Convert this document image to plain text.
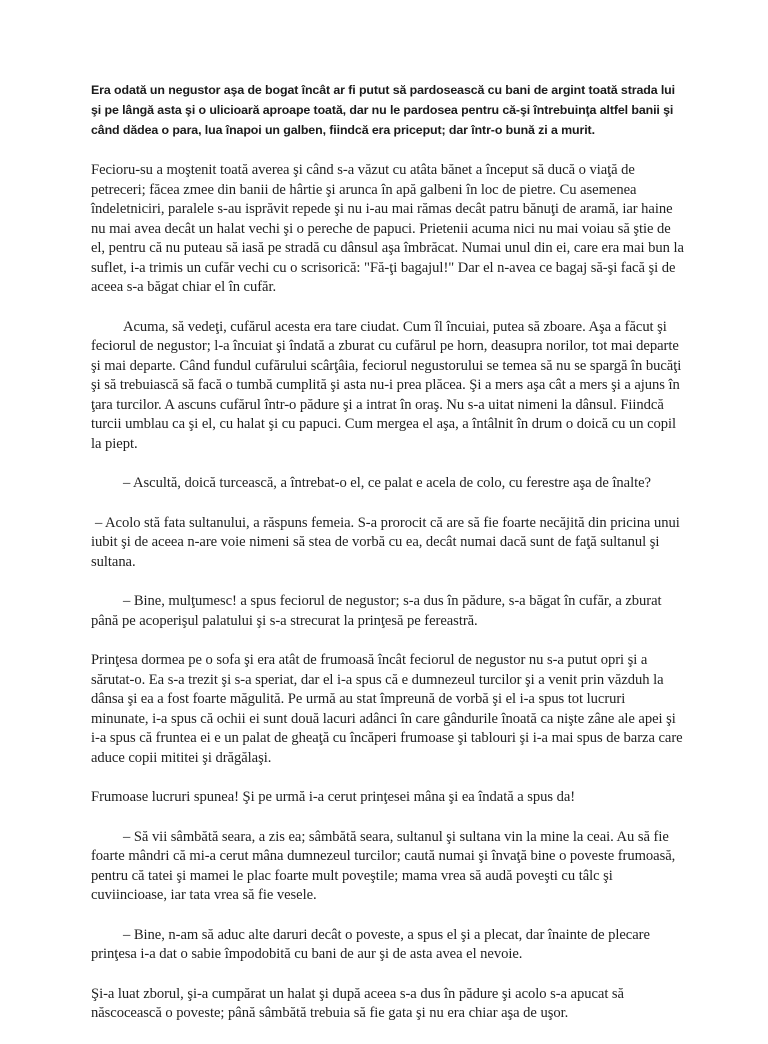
Era odată un negustor aşa de bogat încât ar fi putut să pardosească cu bani de argint toată strada lui şi pe lângă asta şi o ulicioară aproape toată, dar nu le pardosea pentru că-şi întrebuinţa altfel banii şi când dădea o para, lua înapoi un galben, fiindcă era priceput; dar într-o bună zi a murit.

Fecioru-su a moştenit toată averea şi când s-a văzut cu atâta bănet a început să ducă o viaţă de petreceri; făcea zmee din banii de hârtie şi arunca în apă galbeni în loc de pietre. Cu asemenea îndeletniciri, paralele s-au isprăvit repede şi nu i-au mai rămas decât patru bănuţi de aramă, iar haine nu mai avea decât un halat vechi şi o pereche de papuci. Prietenii acuma nici nu mai voiau să ştie de el, pentru că nu puteau să iasă pe stradă cu dânsul aşa îmbrăcat. Numai unul din ei, care era mai bun la suflet, i-a trimis un cufăr vechi cu o scrisorică: "Fă-ţi bagajul!" Dar el n-avea ce bagaj să-şi facă şi de aceea s-a băgat chiar el în cufăr.

Acuma, să vedeţi, cufărul acesta era tare ciudat. Cum îl încuiai, putea să zboare. Aşa a făcut şi feciorul de negustor; l-a încuiat şi îndată a zburat cu cufărul pe horn, deasupra norilor, tot mai departe şi mai departe. Când fundul cufărului scârţâia, feciorul negustorului se temea să nu se spargă în bucăţi şi să trebuiască să facă o tumbă cumplită şi asta nu-i prea plăcea. Şi a mers aşa cât a mers şi a ajuns în ţara turcilor. A ascuns cufărul într-o pădure şi a intrat în oraş. Nu s-a uitat nimeni la dânsul. Fiindcă turcii umblau ca şi el, cu halat şi cu papuci. Cum mergea el aşa, a întâlnit în drum o doică cu un copil la piept.

– Ascultă, doică turcească, a întrebat-o el, ce palat e acela de colo, cu ferestre aşa de înalte?

– Acolo stă fata sultanului, a răspuns femeia. S-a prorocit că are să fie foarte necăjită din pricina unui iubit şi de aceea n-are voie nimeni să stea de vorbă cu ea, decât numai dacă sunt de faţă sultanul şi sultana.

– Bine, mulţumesc! a spus feciorul de negustor; s-a dus în pădure, s-a băgat în cufăr, a zburat până pe acoperişul palatului şi s-a strecurat la prinţesă pe fereastră.

Prinţesa dormea pe o sofa şi era atât de frumoasă încât feciorul de negustor nu s-a putut opri şi a sărutat-o. Ea s-a trezit şi s-a speriat, dar el i-a spus că e dumnezeul turcilor şi a venit prin văzduh la dânsa şi ea a fost foarte măgulită. Pe urmă au stat împreună de vorbă şi el i-a spus tot lucruri minunate, i-a spus că ochii ei sunt două lacuri adânci în care gândurile înoată ca nişte zâne ale apei şi i-a spus că fruntea ei e un palat de gheaţă cu încăperi frumoase şi tablouri şi i-a mai spus de barza care aduce copii mititei şi drăgălaşi.

Frumoase lucruri spunea! Şi pe urmă i-a cerut prinţesei mâna şi ea îndată a spus da!

– Să vii sâmbătă seara, a zis ea; sâmbătă seara, sultanul şi sultana vin la mine la ceai. Au să fie foarte mândri că mi-a cerut mâna dumnezeul turcilor; caută numai şi învaţă bine o poveste frumoasă, pentru că tatei şi mamei le plac foarte mult poveştile; mama vrea să audă poveşti cu tâlc şi cuviincioase, iar tata vrea să fie vesele.

– Bine, n-am să aduc alte daruri decât o poveste, a spus el şi a plecat, dar înainte de plecare prinţesa i-a dat o sabie împodobită cu bani de aur şi de asta avea el nevoie.

Şi-a luat zborul, şi-a cumpărat un halat şi după aceea s-a dus în pădure şi acolo s-a apucat să născocească o poveste; până sâmbătă trebuia să fie gata şi nu era chiar aşa de uşor.
